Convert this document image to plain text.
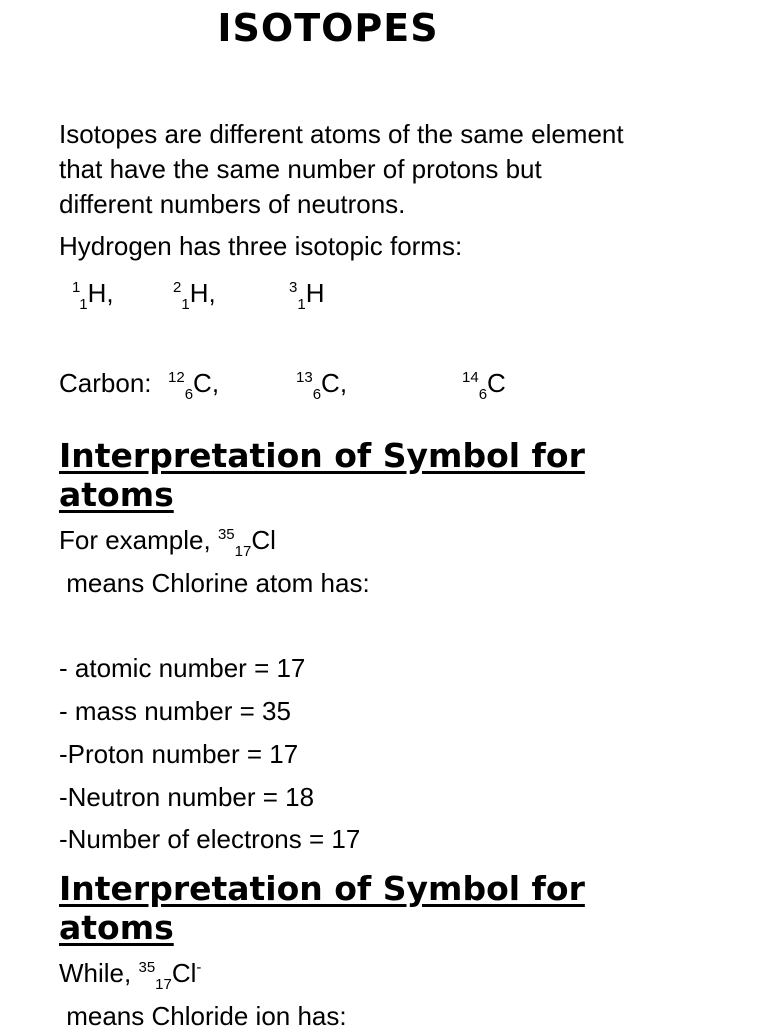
ISOTOPES
Isotopes are different atoms of the same element
that have the same number of protons but
different numbers of neutrons.
Hydrogen has three isotopic forms:
$^1_1$H,	$^2_1$H,	$^3_1$H
Carbon: $^{12}_6$C,	$^{13}_6$C,	$^{14}_6$C
Interpretation of Symbol for
atoms
For example, $^{35}_{17}$Cl
means Chlorine atom has:
- atomic number = 17
- mass number = 35
-Proton number = 17
-Neutron number = 18
-Number of electrons = 17
Interpretation of Symbol for
atoms
While, $^{35}_{17}$Cl-
means Chloride ion has:
